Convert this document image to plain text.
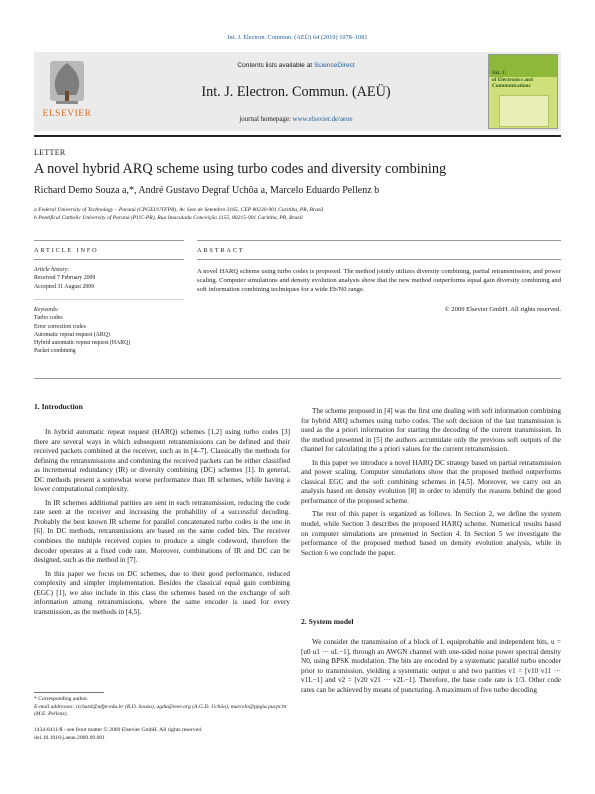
Int. J. Electron. Commun. (AEÜ) 64 (2010) 1078–1081
ELSEVIER
Contents lists available at ScienceDirect
Int. J. Electron. Commun. (AEÜ)
journal homepage: www.elsevier.de/aeue
Int. J.
of Electronics and Communications
LETTER
A novel hybrid ARQ scheme using turbo codes and diversity combining
Richard Demo Souza a,*, André Gustavo Degraf Uchôa a, Marcelo Eduardo Pellenz b
a Federal University of Technology – Paraná (CPGEI/UTFPR), Av. Sete de Setembro 3165, CEP 80230-901 Curitiba, PR, Brazil
b Pontifical Catholic University of Paraná (PUC-PR), Rua Imaculada Conceição 1155, 80215-901 Curitiba, PR, Brazil
ARTICLE INFO	ABSTRACT
Article history:
Received 7 February 2009
Accepted 31 August 2009
Keywords:
Turbo codes
Error correction codes
Automatic repeat request (ARQ)
Hybrid automatic repeat request (HARQ)
Packet combining
A novel HARQ scheme using turbo codes is proposed. The method jointly utilizes diversity combining, partial retransmission, and power scaling. Computer simulations and density evolution analysis show that the new method outperforms equal gain diversity combining and soft information combining techniques for a wide Eb/N0 range.
© 2009 Elsevier GmbH. All rights reserved.

In hybrid automatic repeat request (HARQ) schemes [1,2] using turbo codes [3] there are several ways in which subsequent retransmissions can be defined and their received packets combined at the receiver, such as in [4–7]. Classically the methods for defining the retransmissions and combining the received packets can be either classified as incremental redundancy (IR) or diversity combining (DC) schemes [1]. In general, DC methods present a somewhat worse performance than IR schemes, while having a lower computational complexity.

In IR schemes additional parities are sent in each retransmission, reducing the code rate seen at the receiver and increasing the probability of a successful decoding. Probably the best known IR scheme for parallel concatenated turbo codes is the one in [6]. In DC methods, retransmissions are based on the same coded bits. The receiver combines the multiple received copies to produce a single codeword, therefore the decoder operates at a fixed code rate. Moreover, combinations of IR and DC can be designed, such as the method in [7].

In this paper we focus on DC schemes, due to their good performance, reduced complexity and simpler implementation. Besides the classical equal gain combining (EGC) [1], we also include in this class the schemes based on the exchange of soft information among retransmissions, where the same encoder is used for every transmission, as the methods in [4,5].

1. Introduction
* Corresponding author.
E-mail addresses: richard@utfpr.edu.br (R.D. Souza), agdu@ieee.org (A.G.D. Uchôa), marcelo@ppgia.pucpr.br (M.E. Pellenz).
1434-8411/$ - see front matter © 2009 Elsevier GmbH. All rights reserved.
doi:10.1016/j.aeue.2009.09.001

The scheme proposed in [4] was the first one dealing with soft information combining for hybrid ARQ schemes using turbo codes. The soft decision of the last transmission is used as the a priori information for starting the decoding of the current transmission. In the method presented in [5] the authors accumulate only the previous soft outputs of the channel for calculating the a priori values for the current retransmission.

In this paper we introduce a novel HARQ DC strategy based on partial retransmission and power scaling. Computer simulations show that the proposed method outperforms classical EGC and the soft combining schemes in [4,5]. Moreover, we carry out an analysis based on density evolution [8] in order to identify the reasons behind the good performance of the proposed scheme.

The rest of this paper is organized as follows. In Section 2, we define the system model, while Section 3 describes the proposed HARQ scheme. Numerical results based on computer simulations are presented in Section 4. In Section 5 we investigate the performance of the proposed method based on density evolution analysis, while in Section 6 we conclude the paper.

2. System model

We consider the transmission of a block of L equiprobable and independent bits, u = [u0 u1 ··· uL−1], through an AWGN channel with one-sided noise power spectral density N0, using BPSK modulation. The bits are encoded by a systematic parallel turbo encoder prior to transmission, yielding a systematic output u and two parities v1 = [v10 v11 ··· v1L−1] and v2 = [v20 v21 ··· v2L−1]. Therefore, the base code rate is 1/3. Other code rates can be achieved by means of puncturing. A maximum of five turbo decoding
